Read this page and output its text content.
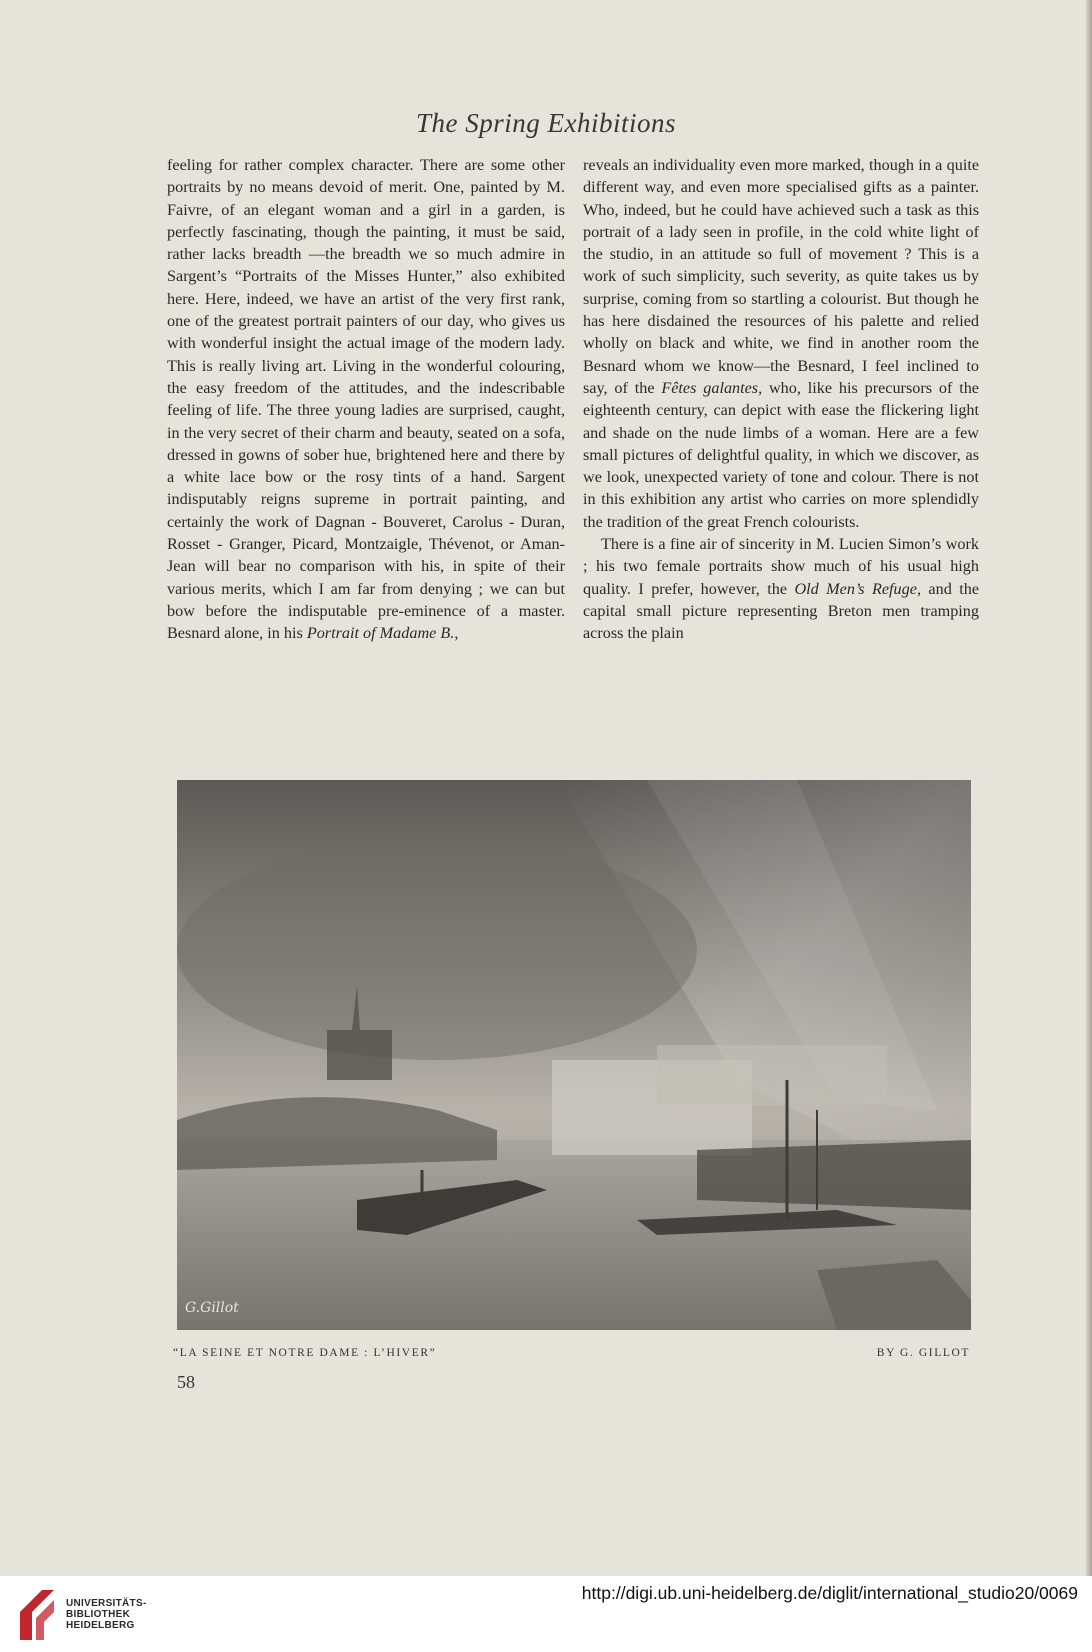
The Spring Exhibitions

feeling for rather complex character. There are some other portraits by no means devoid of merit. One, painted by M. Faivre, of an elegant woman and a girl in a garden, is perfectly fascinating, though the painting, it must be said, rather lacks breadth —the breadth we so much admire in Sargent’s “Portraits of the Misses Hunter,” also exhibited here. Here, indeed, we have an artist of the very first rank, one of the greatest portrait painters of our day, who gives us with wonderful insight the actual image of the modern lady. This is really living art. Living in the wonderful colouring, the easy freedom of the attitudes, and the indescribable feeling of life. The three young ladies are surprised, caught, in the very secret of their charm and beauty, seated on a sofa, dressed in gowns of sober hue, brightened here and there by a white lace bow or the rosy tints of a hand. Sargent indisputably reigns supreme in portrait painting, and certainly the work of Dagnan - Bouveret, Carolus - Duran, Rosset - Granger, Picard, Montzaigle, Thévenot, or Aman-Jean will bear no comparison with his, in spite of their various merits, which I am far from denying ; we can but bow before the indisputable pre-eminence of a master. Besnard alone, in his Portrait of Madame B.,

reveals an individuality even more marked, though in a quite different way, and even more specialised gifts as a painter. Who, indeed, but he could have achieved such a task as this portrait of a lady seen in profile, in the cold white light of the studio, in an attitude so full of movement ? This is a work of such simplicity, such severity, as quite takes us by surprise, coming from so startling a colourist. But though he has here disdained the resources of his palette and relied wholly on black and white, we find in another room the Besnard whom we know—the Besnard, I feel inclined to say, of the Fêtes galantes, who, like his precursors of the eighteenth century, can depict with ease the flickering light and shade on the nude limbs of a woman. Here are a few small pictures of delightful quality, in which we discover, as we look, unexpected variety of tone and colour. There is not in this exhibition any artist who carries on more splendidly the tradition of the great French colourists.

There is a fine air of sincerity in M. Lucien Simon’s work ; his two female portraits show much of his usual high quality. I prefer, however, the Old Men’s Refuge, and the capital small picture representing Breton men tramping across the plain

G.Gillot
“LA SEINE ET NOTRE DAME : L’HIVER”	BY G. GILLOT
58
UNIVERSITÄTS-
BIBLIOTHEK
HEIDELBERG
http://digi.ub.uni-heidelberg.de/diglit/international_studio20/0069
